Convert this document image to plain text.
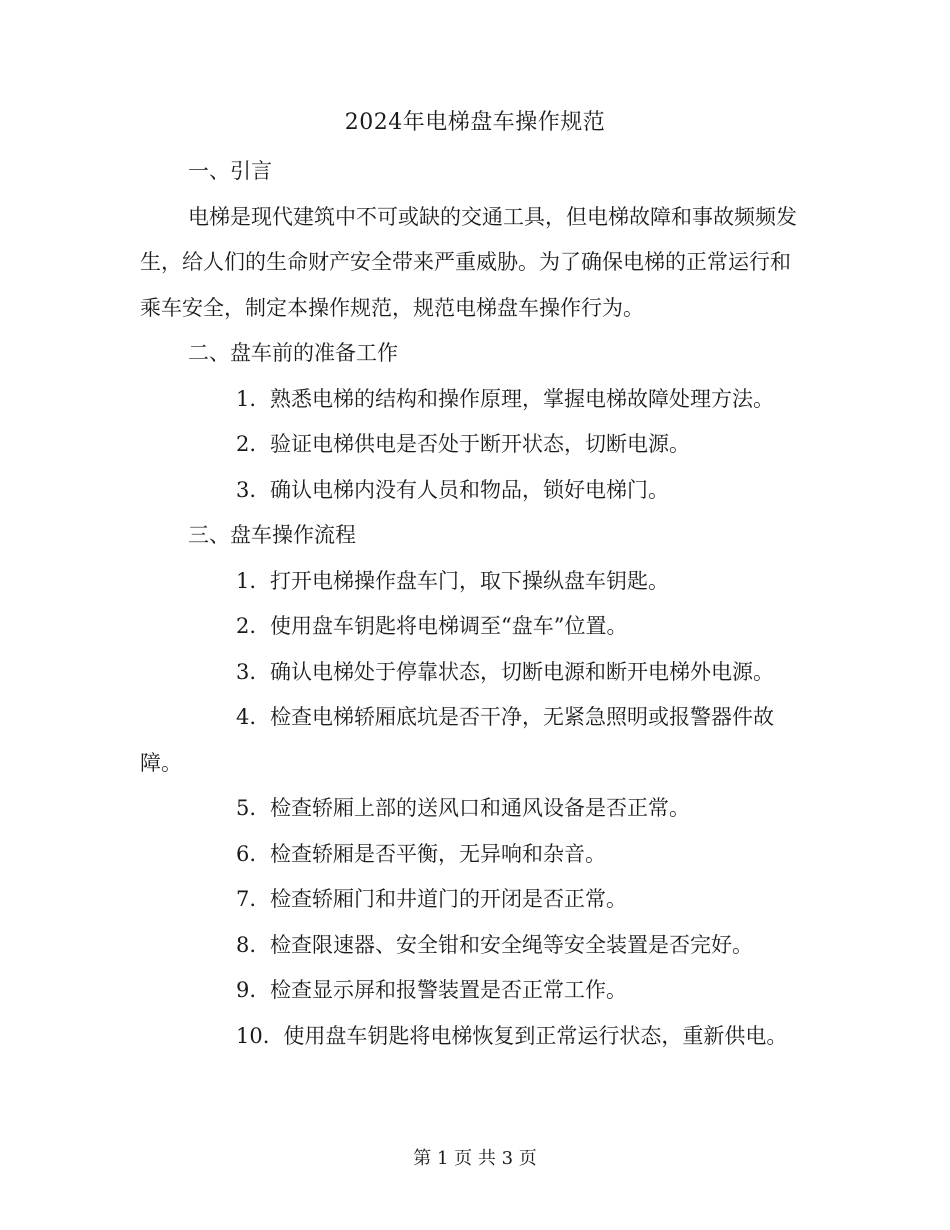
2024年电梯盘车操作规范

一、引言

电梯是现代建筑中不可或缺的交通工具，但电梯故障和事故频频发生，给人们的生命财产安全带来严重威胁。为了确保电梯的正常运行和乘车安全，制定本操作规范，规范电梯盘车操作行为。

二、盘车前的准备工作

1. 熟悉电梯的结构和操作原理，掌握电梯故障处理方法。

2. 验证电梯供电是否处于断开状态，切断电源。

3. 确认电梯内没有人员和物品，锁好电梯门。

三、盘车操作流程

1. 打开电梯操作盘车门，取下操纵盘车钥匙。

2. 使用盘车钥匙将电梯调至“盘车”位置。

3. 确认电梯处于停靠状态，切断电源和断开电梯外电源。

4. 检查电梯轿厢底坑是否干净，无紧急照明或报警器件故障。

5. 检查轿厢上部的送风口和通风设备是否正常。

6. 检查轿厢是否平衡，无异响和杂音。

7. 检查轿厢门和井道门的开闭是否正常。

8. 检查限速器、安全钳和安全绳等安全装置是否完好。

9. 检查显示屏和报警装置是否正常工作。

10. 使用盘车钥匙将电梯恢复到正常运行状态，重新供电。

第 1 页 共 3 页
